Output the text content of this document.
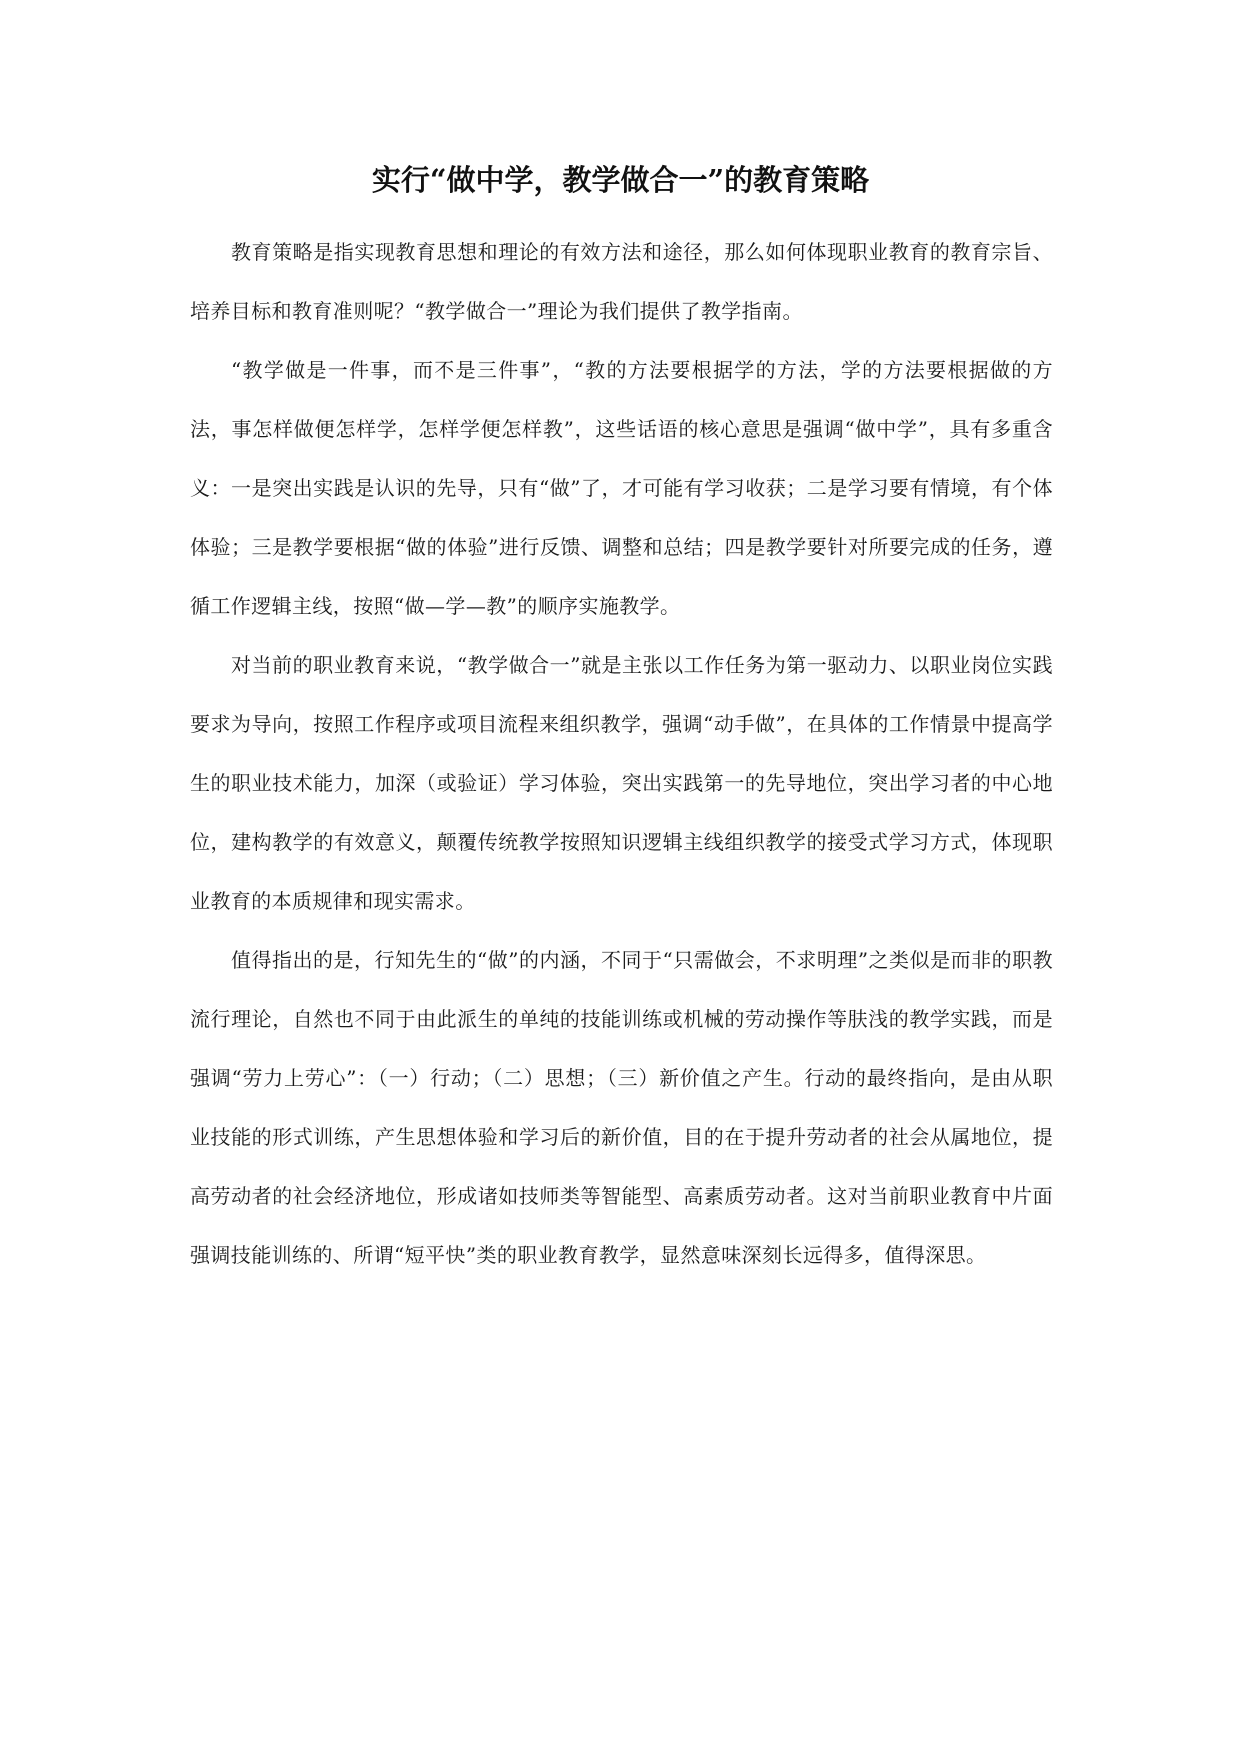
实行“做中学，教学做合一”的教育策略

教育策略是指实现教育思想和理论的有效方法和途径，那么如何体现职业教育的教育宗旨、培养目标和教育准则呢？“教学做合一”理论为我们提供了教学指南。

“教学做是一件事，而不是三件事”，“教的方法要根据学的方法，学的方法要根据做的方法，事怎样做便怎样学，怎样学便怎样教”，这些话语的核心意思是强调“做中学”，具有多重含义：一是突出实践是认识的先导，只有“做”了，才可能有学习收获；二是学习要有情境，有个体体验；三是教学要根据“做的体验”进行反馈、调整和总结；四是教学要针对所要完成的任务，遵循工作逻辑主线，按照“做—学—教”的顺序实施教学。

对当前的职业教育来说，“教学做合一”就是主张以工作任务为第一驱动力、以职业岗位实践要求为导向，按照工作程序或项目流程来组织教学，强调“动手做”，在具体的工作情景中提高学生的职业技术能力，加深（或验证）学习体验，突出实践第一的先导地位，突出学习者的中心地位，建构教学的有效意义，颠覆传统教学按照知识逻辑主线组织教学的接受式学习方式，体现职业教育的本质规律和现实需求。

值得指出的是，行知先生的“做”的内涵，不同于“只需做会，不求明理”之类似是而非的职教流行理论，自然也不同于由此派生的单纯的技能训练或机械的劳动操作等肤浅的教学实践，而是强调“劳力上劳心”：（一）行动；（二）思想；（三）新价值之产生。行动的最终指向，是由从职业技能的形式训练，产生思想体验和学习后的新价值，目的在于提升劳动者的社会从属地位，提高劳动者的社会经济地位，形成诸如技师类等智能型、高素质劳动者。这对当前职业教育中片面强调技能训练的、所谓“短平快”类的职业教育教学，显然意味深刻长远得多，值得深思。
